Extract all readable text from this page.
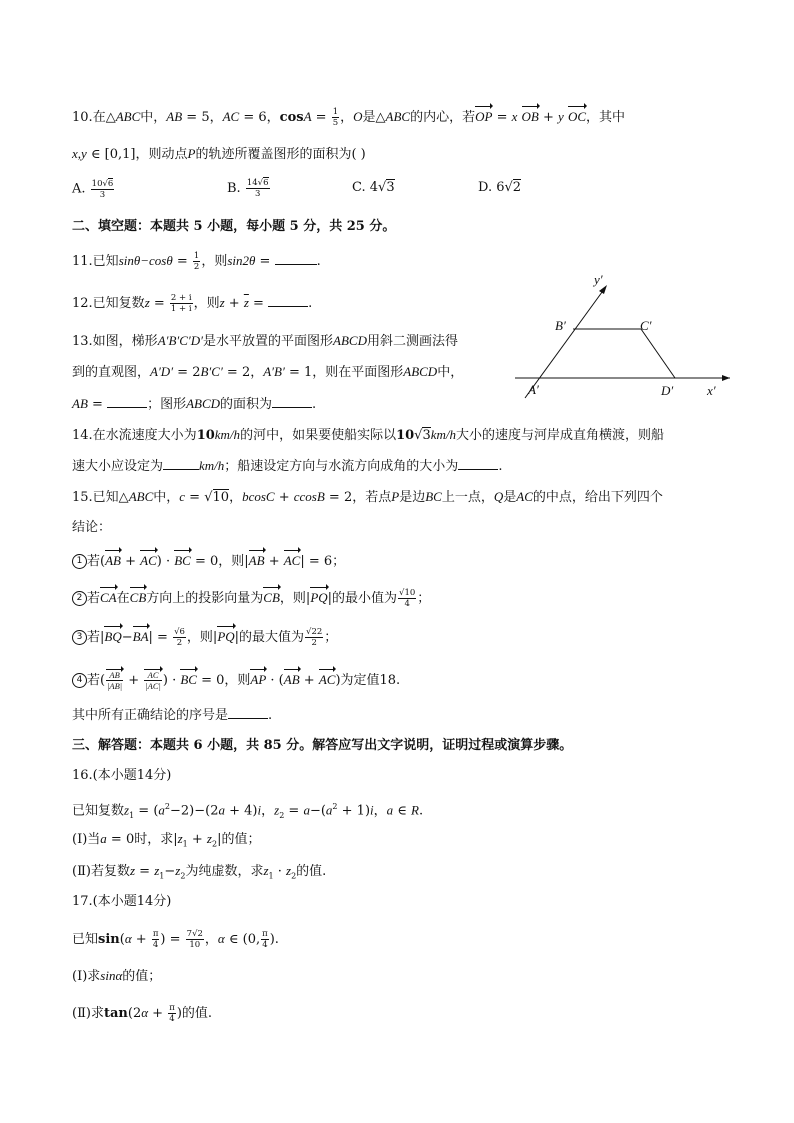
10.在△ABC中，AB = 5，AC = 6，$\cos A = \frac{1}{5}$ ，O是△ABC的内心，若OP = x OB + y OC，其中
x,y ∈ [0,1]，则动点P的轨迹所覆盖图形的面积为( )
A. $\frac{10√6}{3}$	B. $\frac{14√6}{3}$	C. 4√3	D. 6√2
二、填空题：本题共 5 小题，每小题 5 分，共 25 分。
11.已知$\sin\theta-\cos\theta = \frac{1}{2}$ ，则sin2θ =	.
12.已知复数$z = \frac{2 + i}{1 + i}$ ，则$z + \overline{z}$ =	.
13.如图，梯形A′B′C′D′是水平放置的平面图形ABCD用斜二测画法得
到的直观图，A′D′ = 2B′C′ = 2，A′B′ = 1，则在平面图形ABCD中，
AB =	；图形ABCD的面积为	.
y′
B′	C′
A′	D′	x′
14.在水流速度大小为10km/h的河中，如果要使船实际以10√3km/h大小的速度与河岸成直角横渡，则船
速大小应设定为	km/h；船速设定方向与水流方向成角的大小为	.
15.已知△ABC中，c = √10，bcosC + ccosB = 2，若点P是边BC上一点，Q是AC的中点，给出下列四个
结论：
1 若(AB + AC) · BC = 0，则|AB + AC| = 6；
2 若CA在CB方向上的投影向量为CB，则|PQ|的最小值为 $\frac{√10}{4}$ ；
3 若$|BQ-BA| = \frac{√6}{2}$ ，则|PQ|的最大值为 $\frac{√22}{2}$ ；
4 若( $\frac{AB}{|AB|} + \frac{AC}{|AC|}$ ) · BC = 0，则AP · (AB + AC)为定值18.
其中所有正确结论的序号是	.
三、解答题：本题共 6 小题，共 85 分。解答应写出文字说明，证明过程或演算步骤。
16.(本小题14分)
已知复数$z_1 = (a^2-2)-(2a + 4)i$，$z_2 = a-(a^2 + 1)i$，a ∈ R.
(Ⅰ)当a = 0时，求$|z_1 + z_2|$的值；
(Ⅱ)若复数$z = z_1-z_2$为纯虚数，求$z_1 \cdot z_2$的值.
17.(本小题14分)
已知$\sin(\alpha + \frac{\pi}{4}$ ) = $\frac{7√2}{10}$ ，α ∈ (0, $\frac{\pi}{4}$ ).
(Ⅰ)求sinα的值；
(Ⅱ)求$\tan(2\alpha + \frac{\pi}{4}$ )的值.
